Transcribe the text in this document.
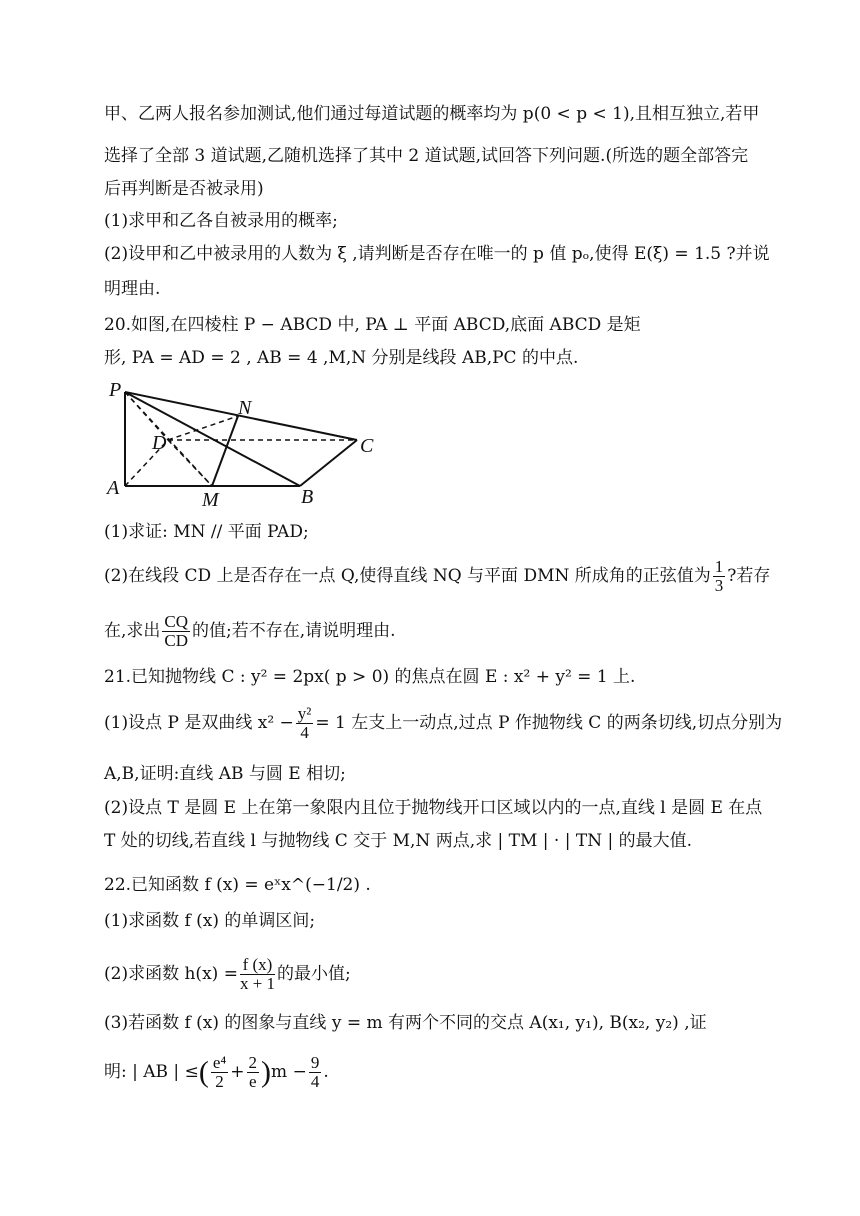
甲、乙两人报名参加测试,他们通过每道试题的概率均为 p(0 < p < 1),且相互独立,若甲
选择了全部 3 道试题,乙随机选择了其中 2 道试题,试回答下列问题.(所选的题全部答完
后再判断是否被录用)
(1)求甲和乙各自被录用的概率;
(2)设甲和乙中被录用的人数为 ξ ,请判断是否存在唯一的 p 值 pₒ,使得 E(ξ) = 1.5 ?并说
明理由.
20.如图,在四棱柱 P − ABCD 中, PA ⊥ 平面 ABCD,底面 ABCD 是矩
形, PA = AD = 2 , AB = 4 ,M,N 分别是线段 AB,PC 的中点.
P
N
D	C
A
M	B
(1)求证: MN // 平面 PAD;
(2)在线段 CD 上是否存在一点 Q,使得直线 NQ 与平面 DMN 所成角的正弦值为 $\frac{1}{3}$ ?若存
在,求出 $\frac{CQ}{CD}$ 的值;若不存在,请说明理由.
21.已知抛物线 C : y² = 2px( p > 0) 的焦点在圆 E : x² + y² = 1 上.
(1)设点 P 是双曲线 $x^2 - \frac{\text{y²}}{4} = 1$ 左支上一动点,过点 P 作抛物线 C 的两条切线,切点分别为
A,B,证明:直线 AB 与圆 E 相切;
(2)设点 T 是圆 E 上在第一象限内且位于抛物线开口区域以内的一点,直线 l 是圆 E 在点
T 处的切线,若直线 l 与抛物线 C 交于 M,N 两点,求 | TM | · | TN | 的最大值.
22.已知函数 f (x) = eˣx^(−1/2) .
(1)求函数 f (x) 的单调区间;
(2)求函数 $h(x) = \frac{f (x)}{x + 1}$ 的最小值;
(3)若函数 f (x) 的图象与直线 y = m 有两个不同的交点 A(x₁, y₁), B(x₂, y₂) ,证
明: | AB | ≤( $\frac{\text{e⁴}}{2} + \frac{2}{e} )m - \frac{9}{4}$ .
